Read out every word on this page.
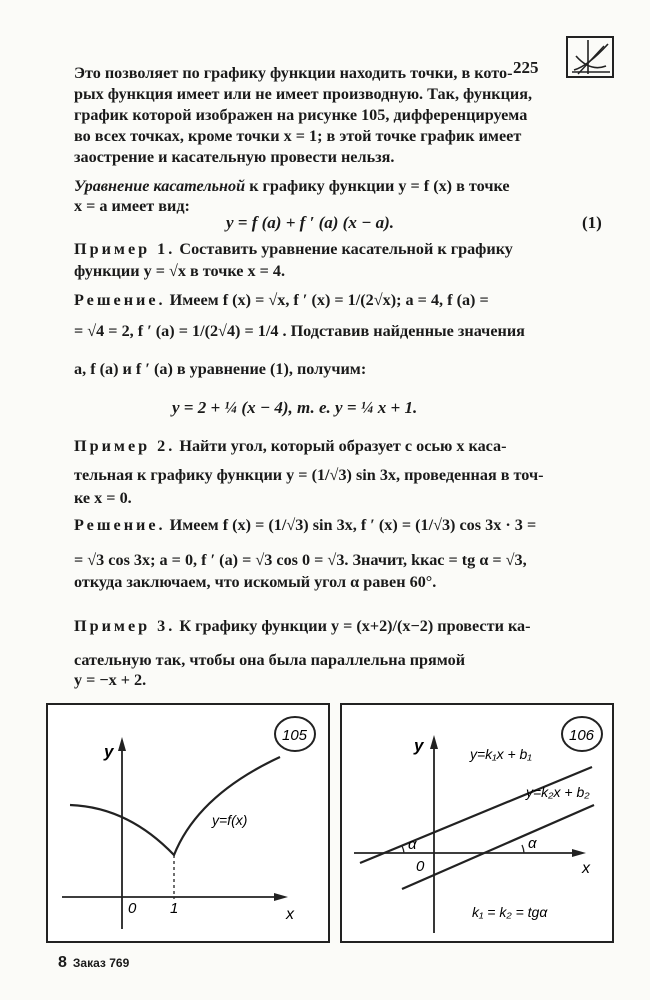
225
Это позволяет по графику функции находить точки, в кото-
рых функция имеет или не имеет производную. Так, функция,
график которой изображен на рисунке 105, дифференцируема
во всех точках, кроме точки x = 1; в этой точке график имеет
заострение и касательную провести нельзя.
Уравнение касательной к графику функции y = f (x) в точке
x = a имеет вид:
y = f (a) + f ′ (a) (x − a).	(1)
Пример 1. Составить уравнение касательной к графику
функции y = √x в точке x = 4.
Решение. Имеем f (x) = √x, f ′ (x) = 1/(2√x); a = 4, f (a) =
= √4 = 2, f ′ (a) = 1/(2√4) = 1/4 . Подставив найденные значения
a, f (a) и f ′ (a) в уравнение (1), получим:
y = 2 + ¼ (x − 4), т. е. y = ¼ x + 1.
Пример 2. Найти угол, который образует с осью x каса-
тельная к графику функции y = (1/√3) sin 3x, проведенная в точ-
ке x = 0.
Решение. Имеем f (x) = (1/√3) sin 3x, f ′ (x) = (1/√3) cos 3x · 3 =
= √3 cos 3x; a = 0, f ′ (a) = √3 cos 0 = √3. Значит, kкас = tg α = √3,
откуда заключаем, что искомый угол α равен 60°.
Пример 3. К графику функции y = (x+2)/(x−2) провести ка-
сательную так, чтобы она была параллельна прямой
y = −x + 2.
105
y
x
0 1
y=f(x)
106
y
x
0
α	α
y=k₁x + b₁
y=k₂x + b₂
k₁ = k₂ = tgα
8 Заказ 769
